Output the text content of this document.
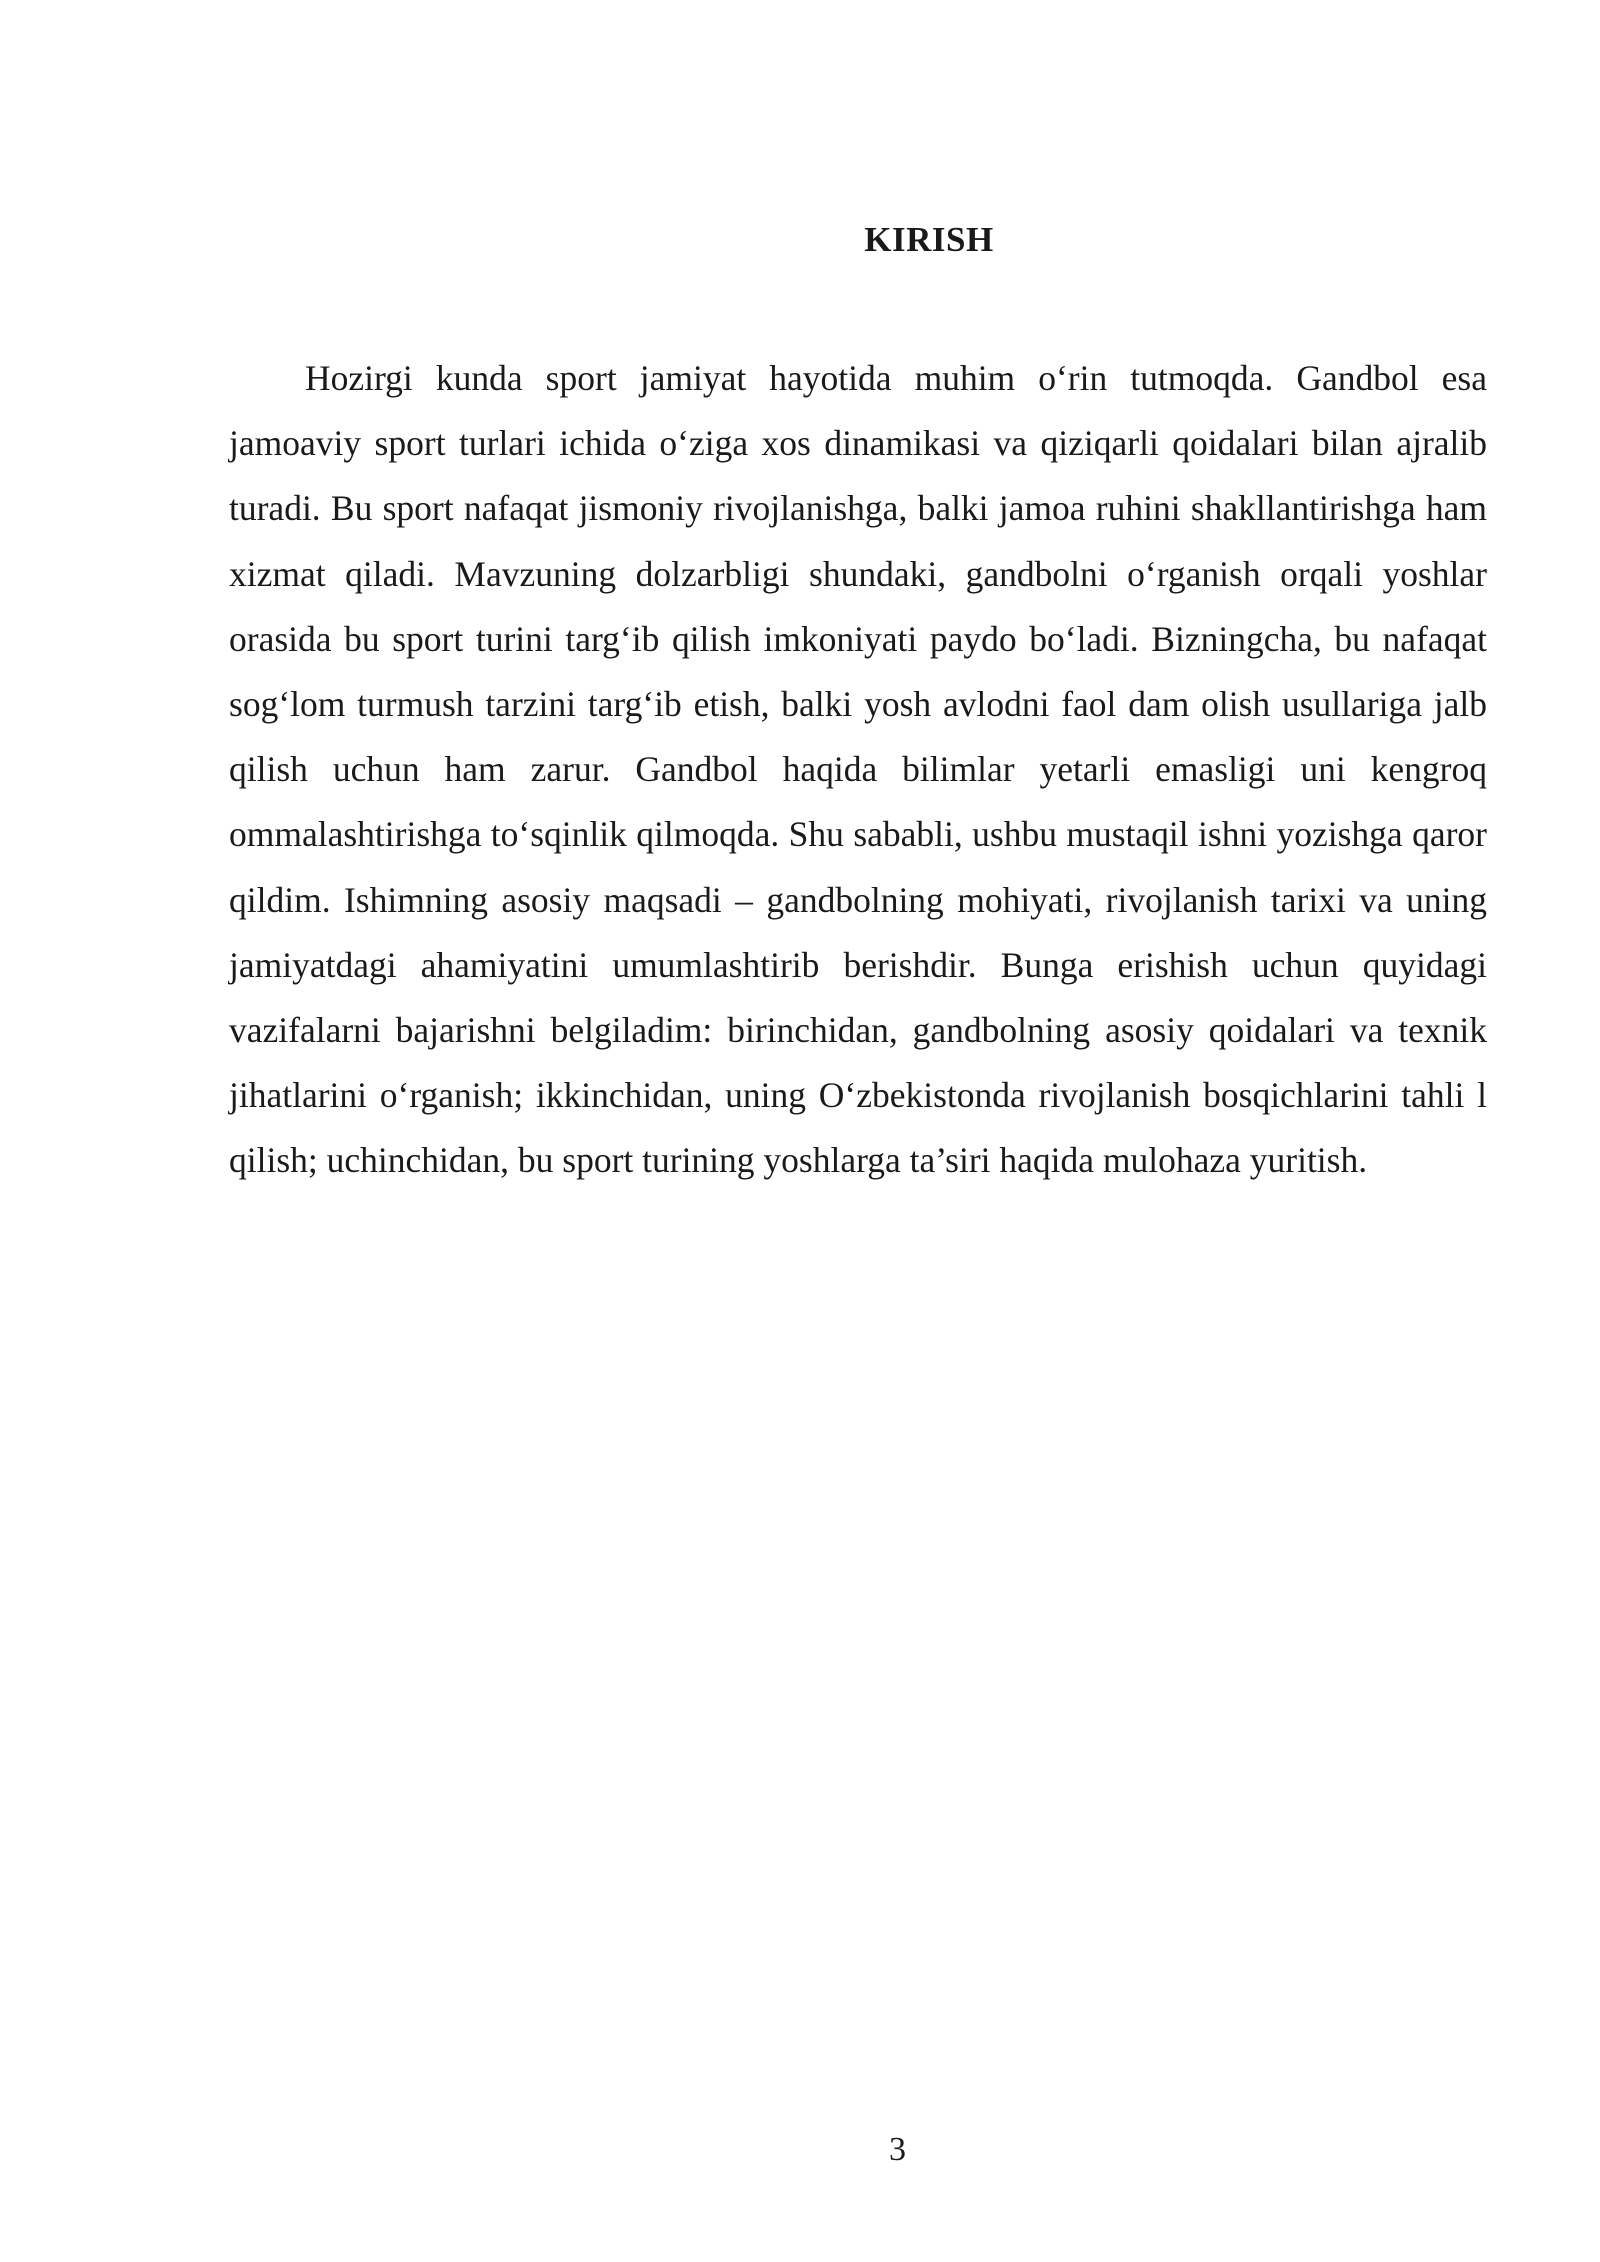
KIRISH

Hozirgi kunda sport jamiyat hayotida muhim o‘rin tutmoqda. Gandbol esa jamoaviy sport turlari ichida o‘ziga xos dinamikasi va qiziqarli qoidalari bilan ajralib turadi. Bu sport nafaqat jismoniy rivojlanishga, balki jamoa ruhini shakllantirishga ham xizmat qiladi. Mavzuning dolzarbligi shundaki, gandbolni o‘rganish orqali yoshlar orasida bu sport turini targ‘ib qilish imkoniyati paydo bo‘ladi. Bizningcha, bu nafaqat sog‘lom turmush tarzini targ‘ib etish, balki yosh avlodni faol dam olish usullariga jalb qilish uchun ham zarur. Gandbol haqida bilimlar yetarli emasligi uni kengroq ommalashtirishga to‘sqinlik qilmoqda. Shu sababli, ushbu mustaqil ishni yozishga qaror qildim. Ishimning asosiy maqsadi – gandbolning mohiyati, rivojlanish tarixi va uning jamiyatdagi ahamiyatini umumlashtirib berishdir. Bunga erishish uchun quyidagi vazifalarni bajarishni belgiladim: birinchidan, gandbolning asosiy qoidalari va texnik jihatlarini o‘rganish; ikkinchidan, uning O‘zbekistonda rivojlanish bosqichlarini tahli l qilish; uchinchidan, bu sport turining yoshlarga ta’siri haqida mulohaza yuritish.

3
